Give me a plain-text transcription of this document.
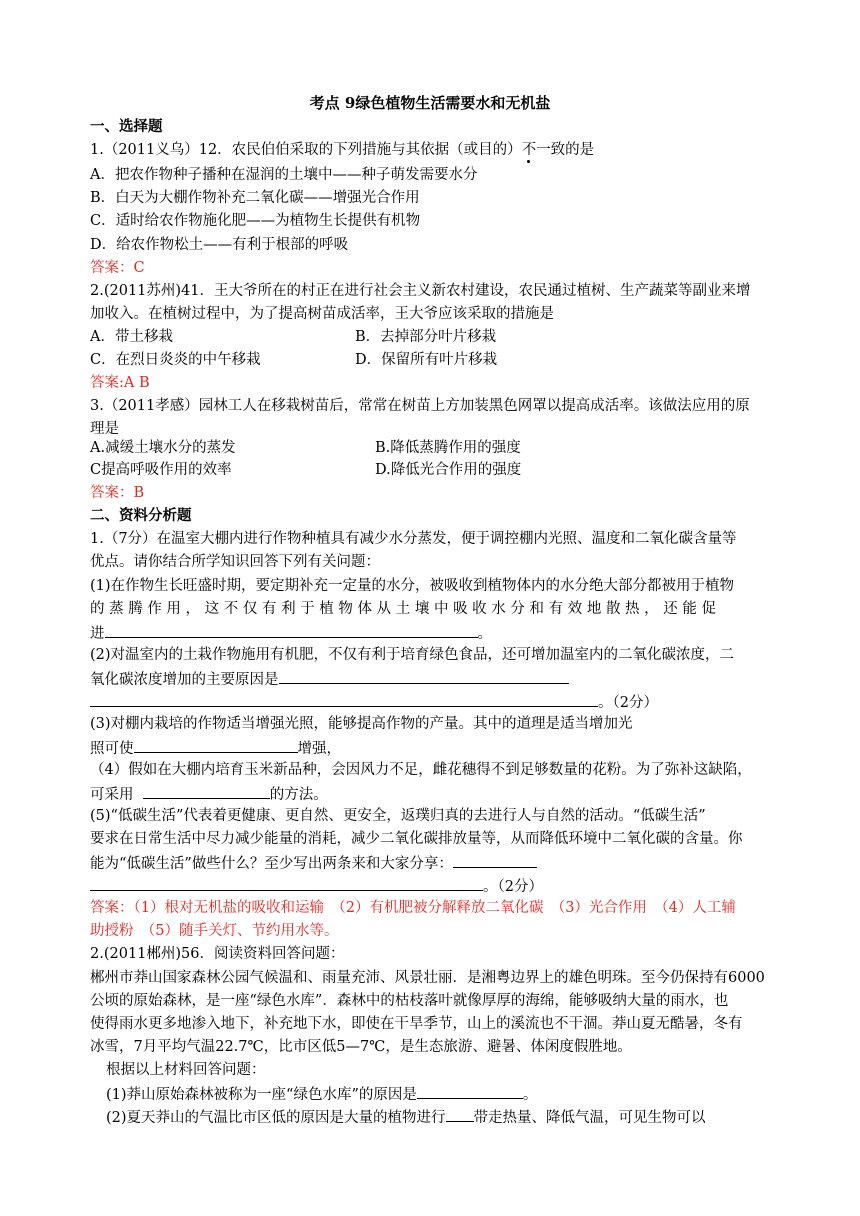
考点 9绿色植物生活需要水和无机盐
一、选择题
1.（2011义乌）12．农民伯伯采取的下列措施与其依据（或目的）不一致的是
A．把农作物种子播种在湿润的土壤中——种子萌发需要水分
B．白天为大棚作物补充二氧化碳——增强光合作用
C．适时给农作物施化肥——为植物生长提供有机物
D．给农作物松土——有利于根部的呼吸
答案：C
2.(2011苏州)41．王大爷所在的村正在进行社会主义新农村建设，农民通过植树、生产蔬菜等副业来增
加收入。在植树过程中，为了提高树苗成活率，王大爷应该采取的措施是
A．带土移栽	B．去掉部分叶片移栽
C．在烈日炎炎的中午移栽	D．保留所有叶片移栽
答案:A B
3.（2011孝感）园林工人在移栽树苗后，常常在树苗上方加装黑色网罩以提高成活率。该做法应用的原
理是
A.减缓土壤水分的蒸发	B.降低蒸腾作用的强度
C提高呼吸作用的效率	D.降低光合作用的强度
答案：B
二、资料分析题
1.（7分）在温室大棚内进行作物种植具有减少水分蒸发，便于调控棚内光照、温度和二氧化碳含量等
优点。请你结合所学知识回答下列有关问题：
(1)在作物生长旺盛时期，要定期补充一定量的水分，被吸收到植物体内的水分绝大部分都被用于植物
的 蒸 腾 作 用 ， 这 不 仅 有 利 于 植 物 体 从 土 壤 中 吸 收 水 分 和 有 效 地 散 热 ， 还 能 促
进	。
(2)对温室内的土栽作物施用有机肥，不仅有利于培育绿色食品，还可增加温室内的二氧化碳浓度，二
氧化碳浓度增加的主要原因是
。（2分）
(3)对棚内栽培的作物适当增强光照，能够提高作物的产量。其中的道理是适当增加光
照可使	增强，
（4）假如在大棚内培育玉米新品种，会因风力不足，雌花穗得不到足够数量的花粉。为了弥补这缺陷，
可采用	的方法。
(5)“低碳生活”代表着更健康、更自然、更安全，返璞归真的去进行人与自然的活动。“低碳生活”
要求在日常生活中尽力减少能量的消耗，减少二氧化碳排放量等，从而降低环境中二氧化碳的含量。你
能为“低碳生活”做些什么？至少写出两条来和大家分享：
。（2分）
答案：（1）根对无机盐的吸收和运输　（2）有机肥被分解释放二氧化碳　（3）光合作用　（4）人工辅
助授粉　（5）随手关灯、节约用水等。
2.(2011郴州)56．阅读资料回答问题：
郴州市莽山国家森林公园气候温和、雨量充沛、风景壮丽．是湘粤边界上的雄色明珠。至今仍保持有6000
公顷的原始森林，是一座“绿色水库”．森林中的枯枝落叶就像厚厚的海绵，能够吸纳大量的雨水，也
使得雨水更多地渗入地下，补充地下水，即使在干旱季节，山上的溪流也不干涸。莽山夏无酷暑，冬有
冰雪，7月平均气温22.7℃，比市区低5—7℃，是生态旅游、避暑、体闲度假胜地。
根据以上材料回答问题：
(1)莽山原始森林被称为一座“绿色水库”的原因是	。
(2)夏天莽山的气温比市区低的原因是大量的植物进行 带走热量、降低气温，可见生物可以
